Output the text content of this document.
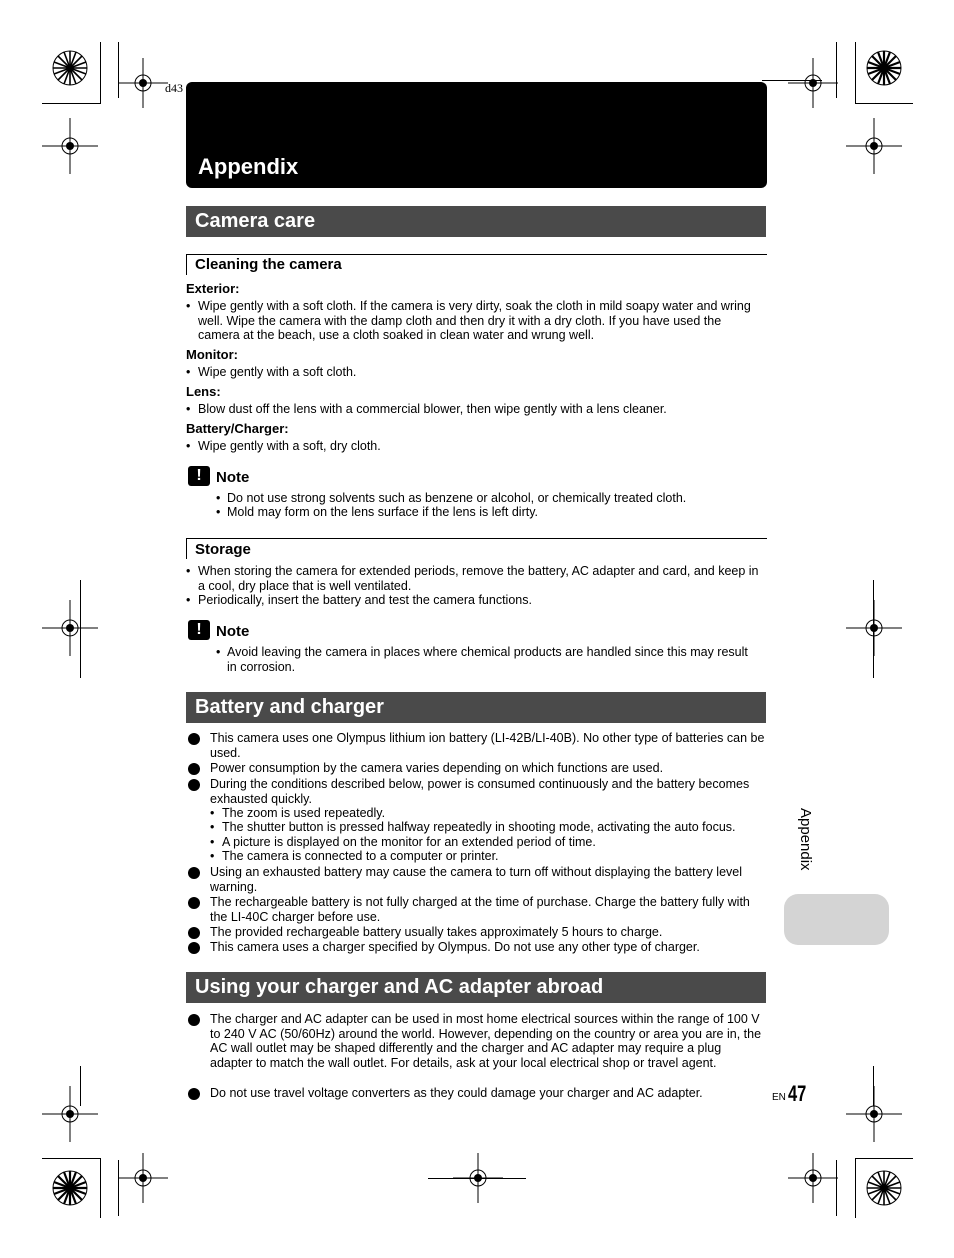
d43
Appendix
Camera care
Cleaning the camera
Exterior:
• Wipe gently with a soft cloth. If the camera is very dirty, soak the cloth in mild soapy water and wring well. Wipe the camera with the damp cloth and then dry it with a dry cloth. If you have used the camera at the beach, use a cloth soaked in clean water and wrung well.
Monitor:
• Wipe gently with a soft cloth.
Lens:
• Blow dust off the lens with a commercial blower, then wipe gently with a lens cleaner.
Battery/Charger:
• Wipe gently with a soft, dry cloth.
! Note
• Do not use strong solvents such as benzene or alcohol, or chemically treated cloth.
• Mold may form on the lens surface if the lens is left dirty.
Storage
• When storing the camera for extended periods, remove the battery, AC adapter and card, and keep in a cool, dry place that is well ventilated.
• Periodically, insert the battery and test the camera functions.
! Note
• Avoid leaving the camera in places where chemical products are handled since this may result in corrosion.
Battery and charger
This camera uses one Olympus lithium ion battery (LI-42B/LI-40B). No other type of batteries can be used.
Power consumption by the camera varies depending on which functions are used.
During the conditions described below, power is consumed continuously and the battery becomes exhausted quickly.
• The zoom is used repeatedly.
• The shutter button is pressed halfway repeatedly in shooting mode, activating the auto focus.
• A picture is displayed on the monitor for an extended period of time.
• The camera is connected to a computer or printer.
Using an exhausted battery may cause the camera to turn off without displaying the battery level warning.
The rechargeable battery is not fully charged at the time of purchase. Charge the battery fully with the LI-40C charger before use.
The provided rechargeable battery usually takes approximately 5 hours to charge.
This camera uses a charger specified by Olympus. Do not use any other type of charger.
Using your charger and AC adapter abroad
The charger and AC adapter can be used in most home electrical sources within the range of 100 V to 240 V AC (50/60Hz) around the world. However, depending on the country or area you are in, the AC wall outlet may be shaped differently and the charger and AC adapter may require a plug adapter to match the wall outlet. For details, ask at your local electrical shop or travel agent.
Do not use travel voltage converters as they could damage your charger and AC adapter.
Appendix
EN 47
